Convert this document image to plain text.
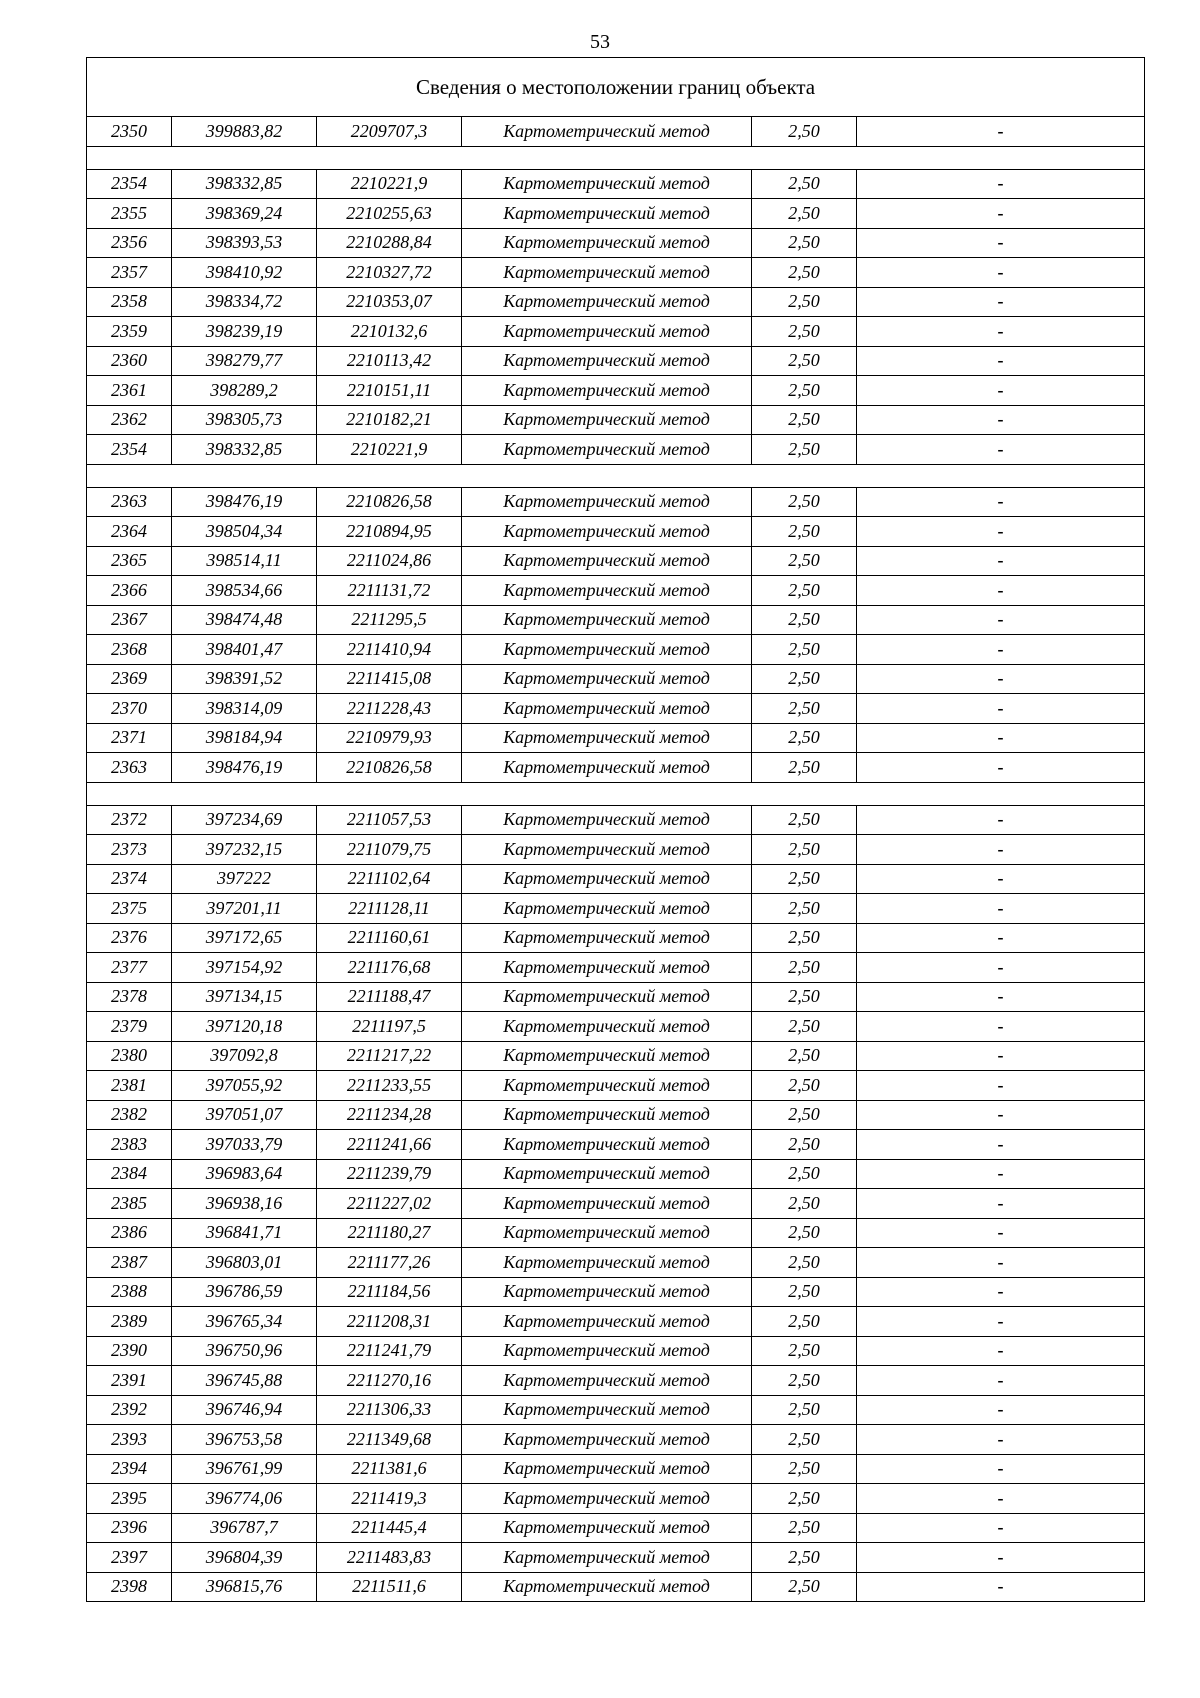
53
Сведения о местоположении границ объекта					
2350	399883,82	2209707,3	Картометрический метод	2,50	-

2354	398332,85	2210221,9	Картометрический метод	2,50	-
2355	398369,24	2210255,63	Картометрический метод	2,50	-
2356	398393,53	2210288,84	Картометрический метод	2,50	-
2357	398410,92	2210327,72	Картометрический метод	2,50	-
2358	398334,72	2210353,07	Картометрический метод	2,50	-
2359	398239,19	2210132,6	Картометрический метод	2,50	-
2360	398279,77	2210113,42	Картометрический метод	2,50	-
2361	398289,2	2210151,11	Картометрический метод	2,50	-
2362	398305,73	2210182,21	Картометрический метод	2,50	-
2354	398332,85	2210221,9	Картометрический метод	2,50	-

2363	398476,19	2210826,58	Картометрический метод	2,50	-
2364	398504,34	2210894,95	Картометрический метод	2,50	-
2365	398514,11	2211024,86	Картометрический метод	2,50	-
2366	398534,66	2211131,72	Картометрический метод	2,50	-
2367	398474,48	2211295,5	Картометрический метод	2,50	-
2368	398401,47	2211410,94	Картометрический метод	2,50	-
2369	398391,52	2211415,08	Картометрический метод	2,50	-
2370	398314,09	2211228,43	Картометрический метод	2,50	-
2371	398184,94	2210979,93	Картометрический метод	2,50	-
2363	398476,19	2210826,58	Картометрический метод	2,50	-

2372	397234,69	2211057,53	Картометрический метод	2,50	-
2373	397232,15	2211079,75	Картометрический метод	2,50	-
2374	397222	2211102,64	Картометрический метод	2,50	-
2375	397201,11	2211128,11	Картометрический метод	2,50	-
2376	397172,65	2211160,61	Картометрический метод	2,50	-
2377	397154,92	2211176,68	Картометрический метод	2,50	-
2378	397134,15	2211188,47	Картометрический метод	2,50	-
2379	397120,18	2211197,5	Картометрический метод	2,50	-
2380	397092,8	2211217,22	Картометрический метод	2,50	-
2381	397055,92	2211233,55	Картометрический метод	2,50	-
2382	397051,07	2211234,28	Картометрический метод	2,50	-
2383	397033,79	2211241,66	Картометрический метод	2,50	-
2384	396983,64	2211239,79	Картометрический метод	2,50	-
2385	396938,16	2211227,02	Картометрический метод	2,50	-
2386	396841,71	2211180,27	Картометрический метод	2,50	-
2387	396803,01	2211177,26	Картометрический метод	2,50	-
2388	396786,59	2211184,56	Картометрический метод	2,50	-
2389	396765,34	2211208,31	Картометрический метод	2,50	-
2390	396750,96	2211241,79	Картометрический метод	2,50	-
2391	396745,88	2211270,16	Картометрический метод	2,50	-
2392	396746,94	2211306,33	Картометрический метод	2,50	-
2393	396753,58	2211349,68	Картометрический метод	2,50	-
2394	396761,99	2211381,6	Картометрический метод	2,50	-
2395	396774,06	2211419,3	Картометрический метод	2,50	-
2396	396787,7	2211445,4	Картометрический метод	2,50	-
2397	396804,39	2211483,83	Картометрический метод	2,50	-
2398	396815,76	2211511,6	Картометрический метод	2,50	-
